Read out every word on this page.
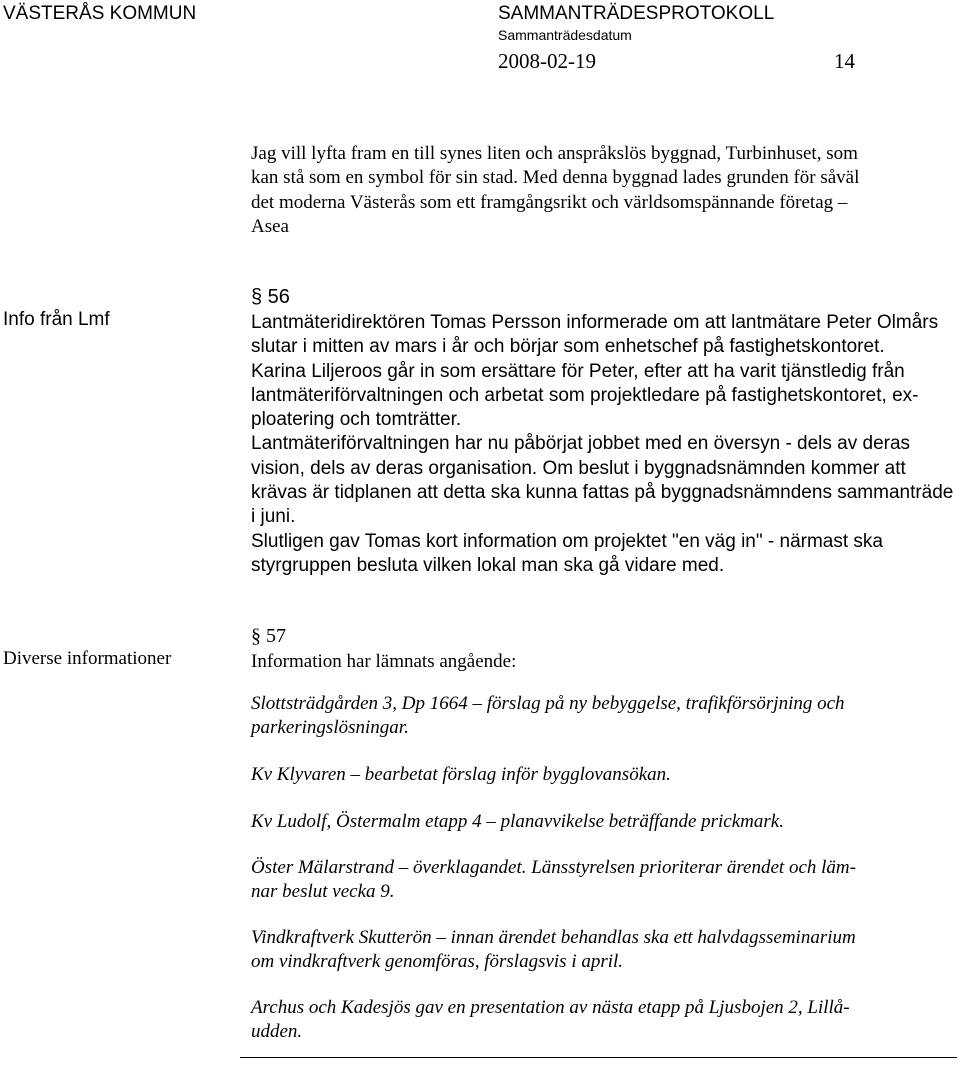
VÄSTERÅS KOMMUN	SAMMANTRÄDESPROTOKOLL
Sammanträdesdatum
2008-02-19	14
Jag vill lyfta fram en till synes liten och anspråkslös byggnad, Turbinhuset, som
kan stå som en symbol för sin stad. Med denna byggnad lades grunden för såväl
det moderna Västerås som ett framgångsrikt och världsomspännande företag –
Asea
Info från Lmf
§ 56
Lantmäteridirektören Tomas Persson informerade om att lantmätare Peter Olmårs
slutar i mitten av mars i år och börjar som enhetschef på fastighetskontoret.
Karina Liljeroos går in som ersättare för Peter, efter att ha varit tjänstledig från
lantmäteriförvaltningen och arbetat som projektledare på fastighetskontoret, ex-
ploatering och tomträtter.
Lantmäteriförvaltningen har nu påbörjat jobbet med en översyn - dels av deras
vision, dels av deras organisation. Om beslut i byggnadsnämnden kommer att
krävas är tidplanen att detta ska kunna fattas på byggnadsnämndens sammanträde
i juni.
Slutligen gav Tomas kort information om projektet "en väg in" - närmast ska
styrgruppen besluta vilken lokal man ska gå vidare med.
Diverse informationer
§ 57
Information har lämnats angående:
Slottsträdgården 3, Dp 1664 – förslag på ny bebyggelse, trafikförsörjning och
parkeringslösningar.
Kv Klyvaren – bearbetat förslag inför bygglovansökan.
Kv Ludolf, Östermalm etapp 4 – planavvikelse beträffande prickmark.
Öster Mälarstrand – överklagandet. Länsstyrelsen prioriterar ärendet och läm-
nar beslut vecka 9.
Vindkraftverk Skutterön – innan ärendet behandlas ska ett halvdagsseminarium
om vindkraftverk genomföras, förslagsvis i april.
Archus och Kadesjös gav en presentation av nästa etapp på Ljusbojen 2, Lillå-
udden.
